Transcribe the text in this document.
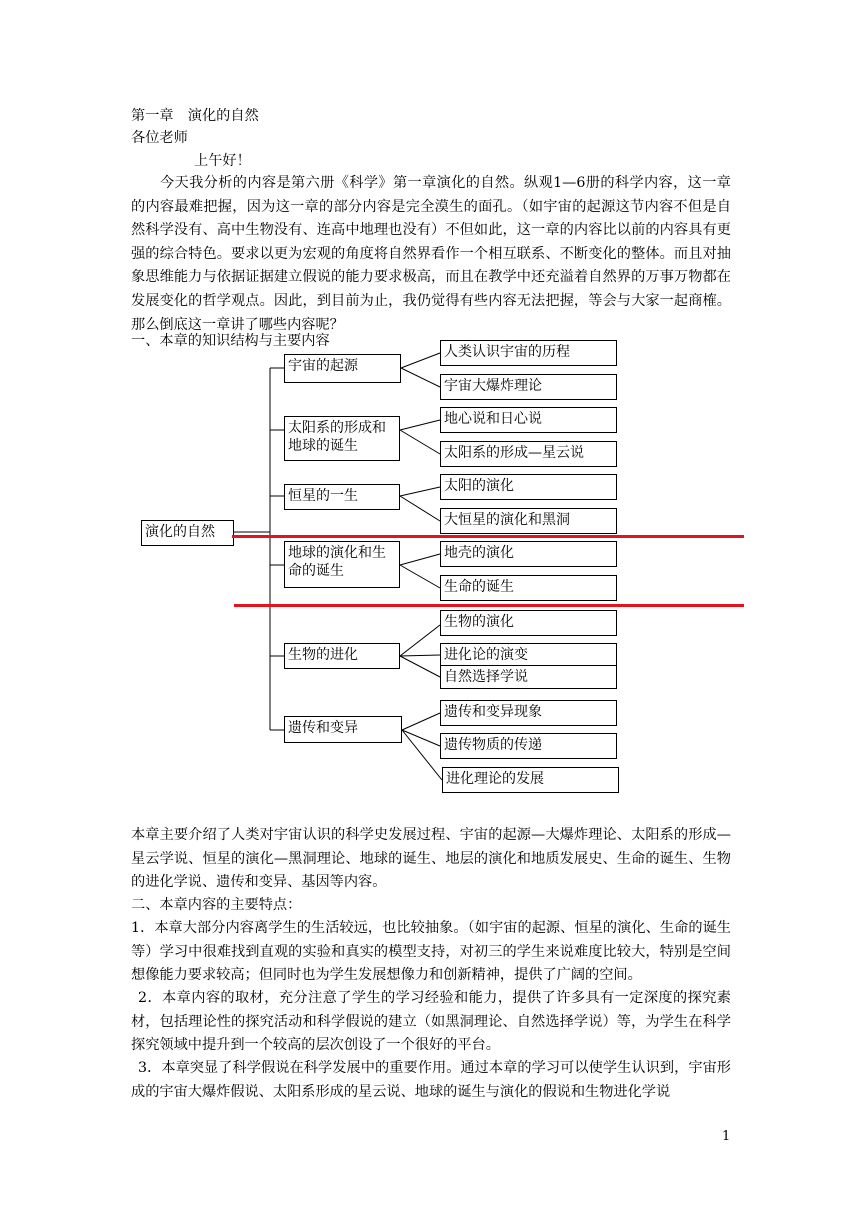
第一章　演化的自然

各位老师

上午好！

今天我分析的内容是第六册《科学》第一章演化的自然。纵观1—6册的科学内容，这一章的内容最难把握，因为这一章的部分内容是完全漠生的面孔。（如宇宙的起源这节内容不但是自然科学没有、高中生物没有、连高中地理也没有）不但如此，这一章的内容比以前的内容具有更强的综合特色。要求以更为宏观的角度将自然界看作一个相互联系、不断变化的整体。而且对抽象思维能力与依据证据建立假说的能力要求极高，而且在教学中还充溢着自然界的万事万物都在发展变化的哲学观点。因此，到目前为止，我仍觉得有些内容无法把握，等会与大家一起商榷。那么倒底这一章讲了哪些内容呢？

一、本章的知识结构与主要内容

演化的自然
宇宙的起源
太阳系的形成和地球的诞生
恒星的一生
地球的演化和生命的诞生
生物的进化
遗传和变异
人类认识宇宙的历程
宇宙大爆炸理论
地心说和日心说
太阳系的形成—星云说
太阳的演化
大恒星的演化和黑洞
地壳的演化
生命的诞生
生物的演化
进化论的演变
自然选择学说
遗传和变异现象
遗传物质的传递
进化理论的发展

本章主要介绍了人类对宇宙认识的科学史发展过程、宇宙的起源—大爆炸理论、太阳系的形成—星云学说、恒星的演化—黑洞理论、地球的诞生、地层的演化和地质发展史、生命的诞生、生物的进化学说、遗传和变异、基因等内容。

二、本章内容的主要特点：

1．本章大部分内容离学生的生活较远，也比较抽象。（如宇宙的起源、恒星的演化、生命的诞生等）学习中很难找到直观的实验和真实的模型支持，对初三的学生来说难度比较大，特别是空间想像能力要求较高；但同时也为学生发展想像力和创新精神，提供了广阔的空间。

2．本章内容的取材，充分注意了学生的学习经验和能力，提供了许多具有一定深度的探究素材，包括理论性的探究活动和科学假说的建立（如黑洞理论、自然选择学说）等，为学生在科学探究领域中提升到一个较高的层次创设了一个很好的平台。

3．本章突显了科学假说在科学发展中的重要作用。通过本章的学习可以使学生认识到，宇宙形成的宇宙大爆炸假说、太阳系形成的星云说、地球的诞生与演化的假说和生物进化学说

1
